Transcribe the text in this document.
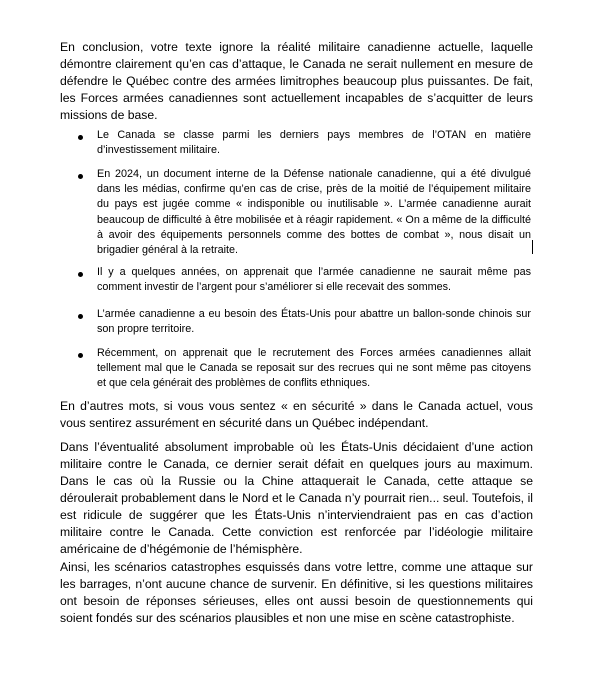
En conclusion, votre texte ignore la réalité militaire canadienne actuelle, laquelle démontre clairement qu’en cas d’attaque, le Canada ne serait nullement en mesure de défendre le Québec contre des armées limitrophes beaucoup plus puissantes. De fait, les Forces armées canadiennes sont actuellement incapables de s’acquitter de leurs missions de base.

Le Canada se classe parmi les derniers pays membres de l’OTAN en matière d’investissement militaire.
En 2024, un document interne de la Défense nationale canadienne, qui a été divulgué dans les médias, confirme qu’en cas de crise, près de la moitié de l’équipement militaire du pays est jugée comme « indisponible ou inutilisable ». L’armée canadienne aurait beaucoup de difficulté à être mobilisée et à réagir rapidement. « On a même de la difficulté à avoir des équipements personnels comme des bottes de combat », nous disait un brigadier général à la retraite.
Il y a quelques années, on apprenait que l’armée canadienne ne saurait même pas comment investir de l’argent pour s’améliorer si elle recevait des sommes.
L’armée canadienne a eu besoin des États-Unis pour abattre un ballon-sonde chinois sur son propre territoire.
Récemment, on apprenait que le recrutement des Forces armées canadiennes allait tellement mal que le Canada se reposait sur des recrues qui ne sont même pas citoyens et que cela générait des problèmes de conflits ethniques.

En d’autres mots, si vous vous sentez « en sécurité » dans le Canada actuel, vous vous sentirez assurément en sécurité dans un Québec indépendant.

Dans l’éventualité absolument improbable où les États-Unis décidaient d’une action militaire contre le Canada, ce dernier serait défait en quelques jours au maximum. Dans le cas où la Russie ou la Chine attaquerait le Canada, cette attaque se déroulerait probablement dans le Nord et le Canada n’y pourrait rien... seul. Toutefois, il est ridicule de suggérer que les États-Unis n’interviendraient pas en cas d’action militaire contre le Canada. Cette conviction est renforcée par l’idéologie militaire américaine de d’hégémonie de l’hémisphère.

Ainsi, les scénarios catastrophes esquissés dans votre lettre, comme une attaque sur les barrages, n’ont aucune chance de survenir. En définitive, si les questions militaires ont besoin de réponses sérieuses, elles ont aussi besoin de questionnements qui soient fondés sur des scénarios plausibles et non une mise en scène catastrophiste.
